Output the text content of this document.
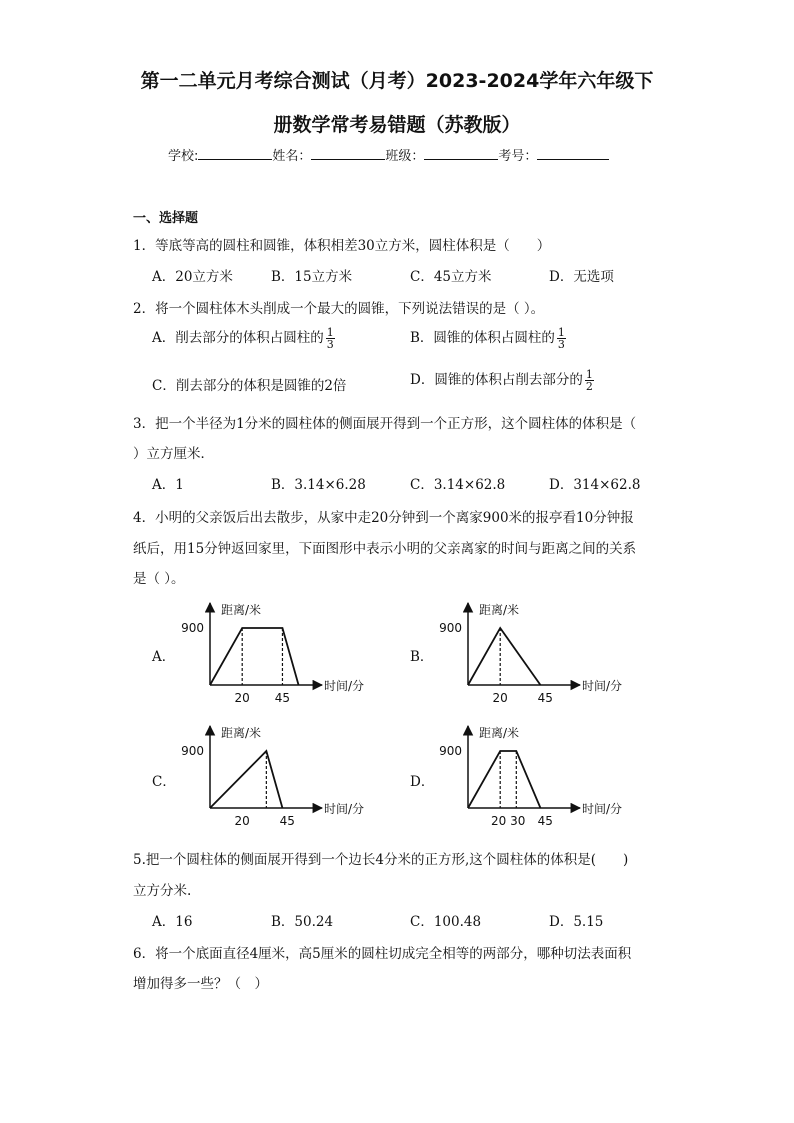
第一二单元月考综合测试（月考）2023-2024学年六年级下
册数学常考易错题（苏教版）
学校:	姓名：	班级：	考号：
一、选择题
1．等底等高的圆柱和圆锥，体积相差30立方米，圆柱体积是（　　）
A．20立方米	B．15立方米	C．45立方米	D．无选项
2．将一个圆柱体木头削成一个最大的圆锥，下列说法错误的是（ ）。
A．削去部分的体积占圆柱的 $\frac{1}{3}$	B．圆锥的体积占圆柱的 $\frac{1}{3}$
C．削去部分的体积是圆锥的2倍	D．圆锥的体积占削去部分的 $\frac{1}{2}$
3．把一个半径为1分米的圆柱体的侧面展开得到一个正方形，这个圆柱体的体积是（
）立方厘米．
A．1	B．3.14×6.28	C．3.14×62.8	D．314×62.8
4．小明的父亲饭后出去散步，从家中走20分钟到一个离家900米的报亭看10分钟报
纸后，用15分钟返回家里，下面图形中表示小明的父亲离家的时间与距离之间的关系
是（ ）。
A．	B．
C．	D．
距离/米
时间/分
900
20 45
距离/米
时间/分
900
20 45
距离/米
时间/分
900
20 45
距离/米
时间/分
900
20 30 45
5.把一个圆柱体的侧面展开得到一个边长4分米的正方形,这个圆柱体的体积是(　　)
立方分米.
A．16	B．50.24	C．100.48	D．5.15
6．将一个底面直径4厘米，高5厘米的圆柱切成完全相等的两部分，哪种切法表面积
增加得多一些？（　）
